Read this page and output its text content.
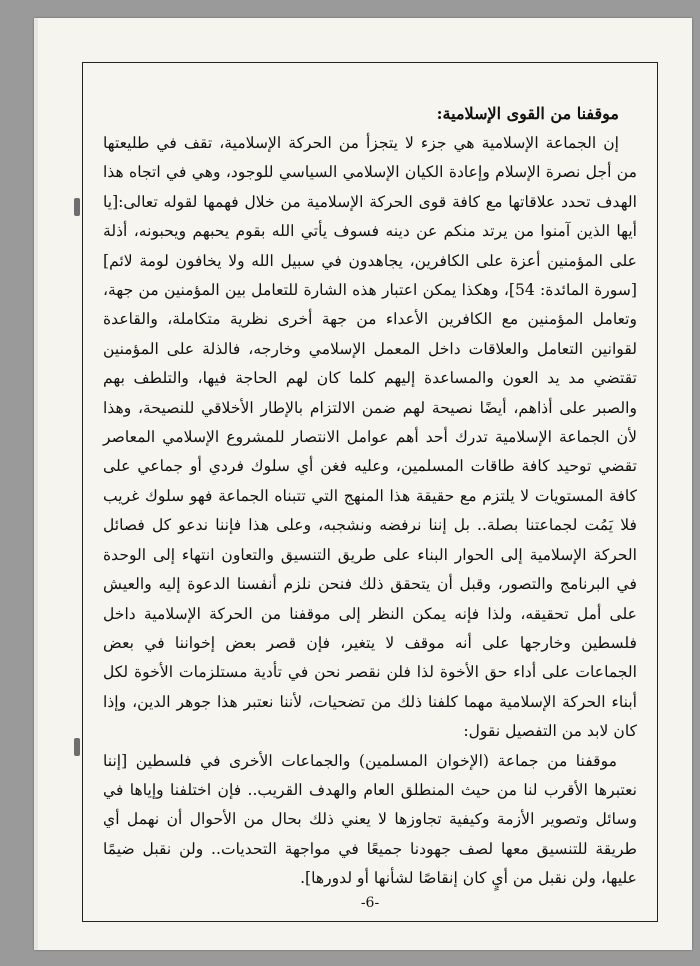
موقفنا من القوى الإسلامية:

إن الجماعة الإسلامية هي جزء لا يتجزأ من الحركة الإسلامية، تقف في طليعتها من أجل نصرة الإسلام وإعادة الكيان الإسلامي السياسي للوجود، وهي في اتجاه هذا الهدف تحدد علاقاتها مع كافة قوى الحركة الإسلامية من خلال فهمها لقوله تعالى:[يا أيها الذين آمنوا من يرتد منكم عن دينه فسوف يأتي الله بقوم يحبهم ويحبونه، أذلة على المؤمنين أعزة على الكافرين، يجاهدون في سبيل الله ولا يخافون لومة لائم] [سورة المائدة: 54]، وهكذا يمكن اعتبار هذه الشارة للتعامل بين المؤمنين من جهة، وتعامل المؤمنين مع الكافرين الأعداء من جهة أخرى نظرية متكاملة، والقاعدة لقوانين التعامل والعلاقات داخل المعمل الإسلامي وخارجه، فالذلة على المؤمنين تقتضي مد يد العون والمساعدة إليهم كلما كان لهم الحاجة فيها، والتلطف بهم والصبر على أذاهم، أيضًا نصيحة لهم ضمن الالتزام بالإطار الأخلاقي للنصيحة، وهذا لأن الجماعة الإسلامية تدرك أحد أهم عوامل الانتصار للمشروع الإسلامي المعاصر تقضي توحيد كافة طاقات المسلمين، وعليه فغن أي سلوك فردي أو جماعي على كافة المستويات لا يلتزم مع حقيقة هذا المنهج التي تتبناه الجماعة فهو سلوك غريب فلا يَمُت لجماعتنا بصلة.. بل إننا نرفضه ونشجبه، وعلى هذا فإننا ندعو كل فصائل الحركة الإسلامية إلى الحوار البناء على طريق التنسيق والتعاون انتهاء إلى الوحدة في البرنامج والتصور، وقبل أن يتحقق ذلك فنحن نلزم أنفسنا الدعوة إليه والعيش على أمل تحقيقه، ولذا فإنه يمكن النظر إلى موقفنا من الحركة الإسلامية داخل فلسطين وخارجها على أنه موقف لا يتغير، فإن قصر بعض إخواننا في بعض الجماعات على أداء حق الأخوة لذا فلن نقصر نحن في تأدية مستلزمات الأخوة لكل أبناء الحركة الإسلامية مهما كلفنا ذلك من تضحيات، لأننا نعتبر هذا جوهر الدين، وإذا كان لابد من التفصيل نقول:

موقفنا من جماعة (الإخوان المسلمين) والجماعات الأخرى في فلسطين [إننا نعتبرها الأقرب لنا من حيث المنطلق العام والهدف القريب.. فإن اختلفنا وإياها في وسائل وتصوير الأزمة وكيفية تجاوزها لا يعني ذلك بحال من الأحوال أن نهمل أي طريقة للتنسيق معها لصف جهودنا جميعًا في مواجهة التحديات.. ولن نقبل ضيمًا عليها، ولن نقبل من أيٍ كان إنقاصًا لشأنها أو لدورها].

-6-
